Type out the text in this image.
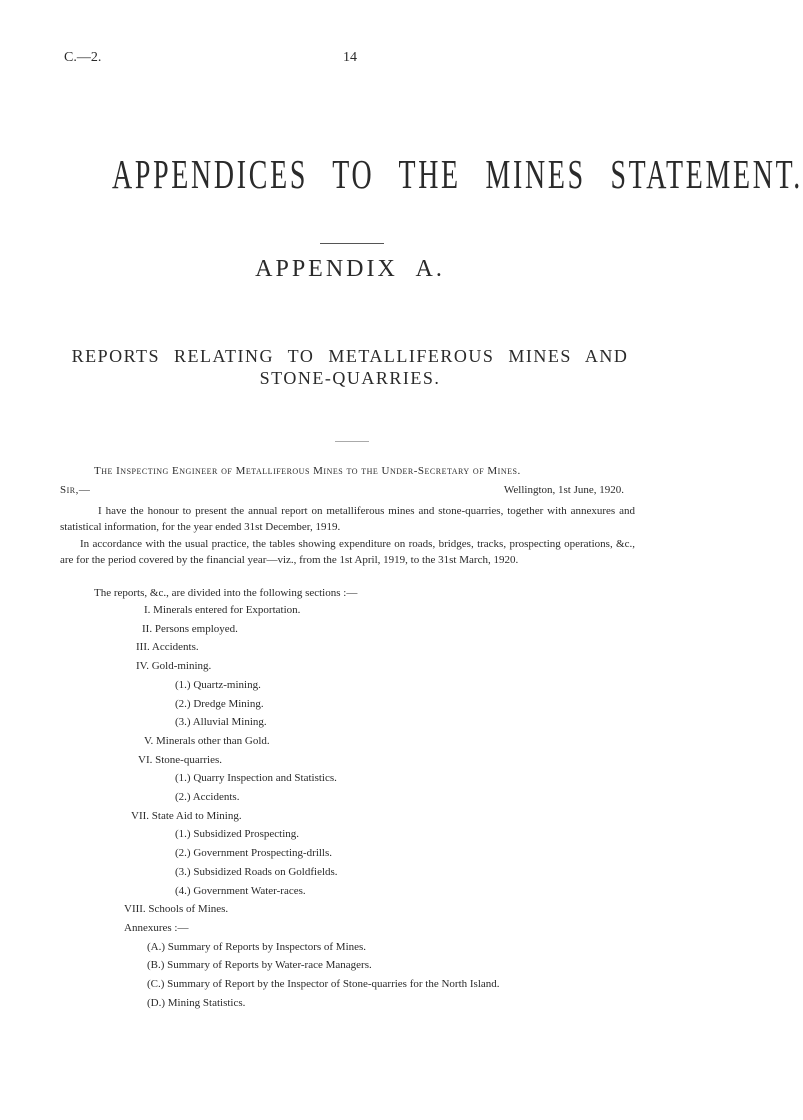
C.—2.	14
APPENDICES TO THE MINES STATEMENT.
APPENDIX A.
REPORTS RELATING TO METALLIFEROUS MINES AND
STONE-QUARRIES.
The Inspecting Engineer of Metalliferous Mines to the Under-Secretary of Mines.
Sir,—	Wellington, 1st June, 1920.
I have the honour to present the annual report on metalliferous mines and stone-quarries, together with annexures and statistical information, for the year ended 31st December, 1919.
In accordance with the usual practice, the tables showing expenditure on roads, bridges, tracks, prospecting operations, &c., are for the period covered by the financial year—viz., from the 1st April, 1919, to the 31st March, 1920.
The reports, &c., are divided into the following sections :—
I. Minerals entered for Exportation.
II. Persons employed.
III. Accidents.
IV. Gold-mining.
(1.) Quartz-mining.
(2.) Dredge Mining.
(3.) Alluvial Mining.
V. Minerals other than Gold.
VI. Stone-quarries.
(1.) Quarry Inspection and Statistics.
(2.) Accidents.
VII. State Aid to Mining.
(1.) Subsidized Prospecting.
(2.) Government Prospecting-drills.
(3.) Subsidized Roads on Goldfields.
(4.) Government Water-races.
VIII. Schools of Mines.
Annexures :—
(A.) Summary of Reports by Inspectors of Mines.
(B.) Summary of Reports by Water-race Managers.
(C.) Summary of Report by the Inspector of Stone-quarries for the North Island.
(D.) Mining Statistics.
